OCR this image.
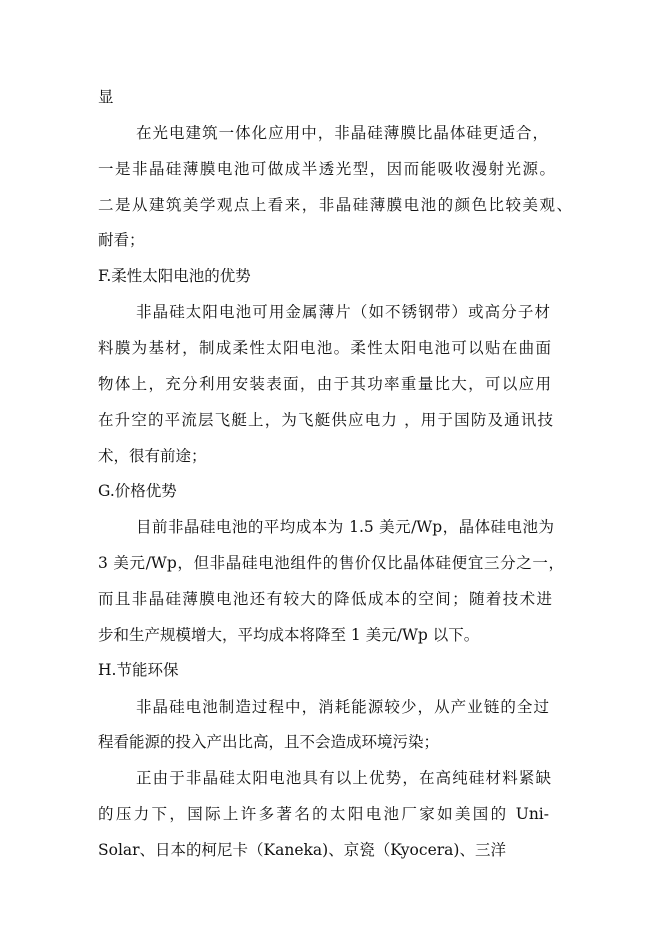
显
在光电建筑一体化应用中，非晶硅薄膜比晶体硅更适合，
一是非晶硅薄膜电池可做成半透光型，因而能吸收漫射光源。
二是从建筑美学观点上看来，非晶硅薄膜电池的颜色比较美观、
耐看；
F.柔性太阳电池的优势
非晶硅太阳电池可用金属薄片（如不锈钢带）或高分子材
料膜为基材，制成柔性太阳电池。柔性太阳电池可以贴在曲面
物体上，充分利用安装表面，由于其功率重量比大，可以应用
在升空的平流层飞艇上，为飞艇供应电力 ，用于国防及通讯技
术，很有前途；
G.价格优势
目前非晶硅电池的平均成本为 1.5 美元/Wp，晶体硅电池为
3 美元/Wp，但非晶硅电池组件的售价仅比晶体硅便宜三分之一，
而且非晶硅薄膜电池还有较大的降低成本的空间；随着技术进
步和生产规模增大，平均成本将降至 1 美元/Wp 以下。
H.节能环保
非晶硅电池制造过程中，消耗能源较少，从产业链的全过
程看能源的投入产出比高，且不会造成环境污染；
正由于非晶硅太阳电池具有以上优势，在高纯硅材料紧缺
的压力下，国际上许多著名的太阳电池厂家如美国的 Uni-
Solar、日本的柯尼卡（Kaneka)、京瓷（Kyocera)、三洋
